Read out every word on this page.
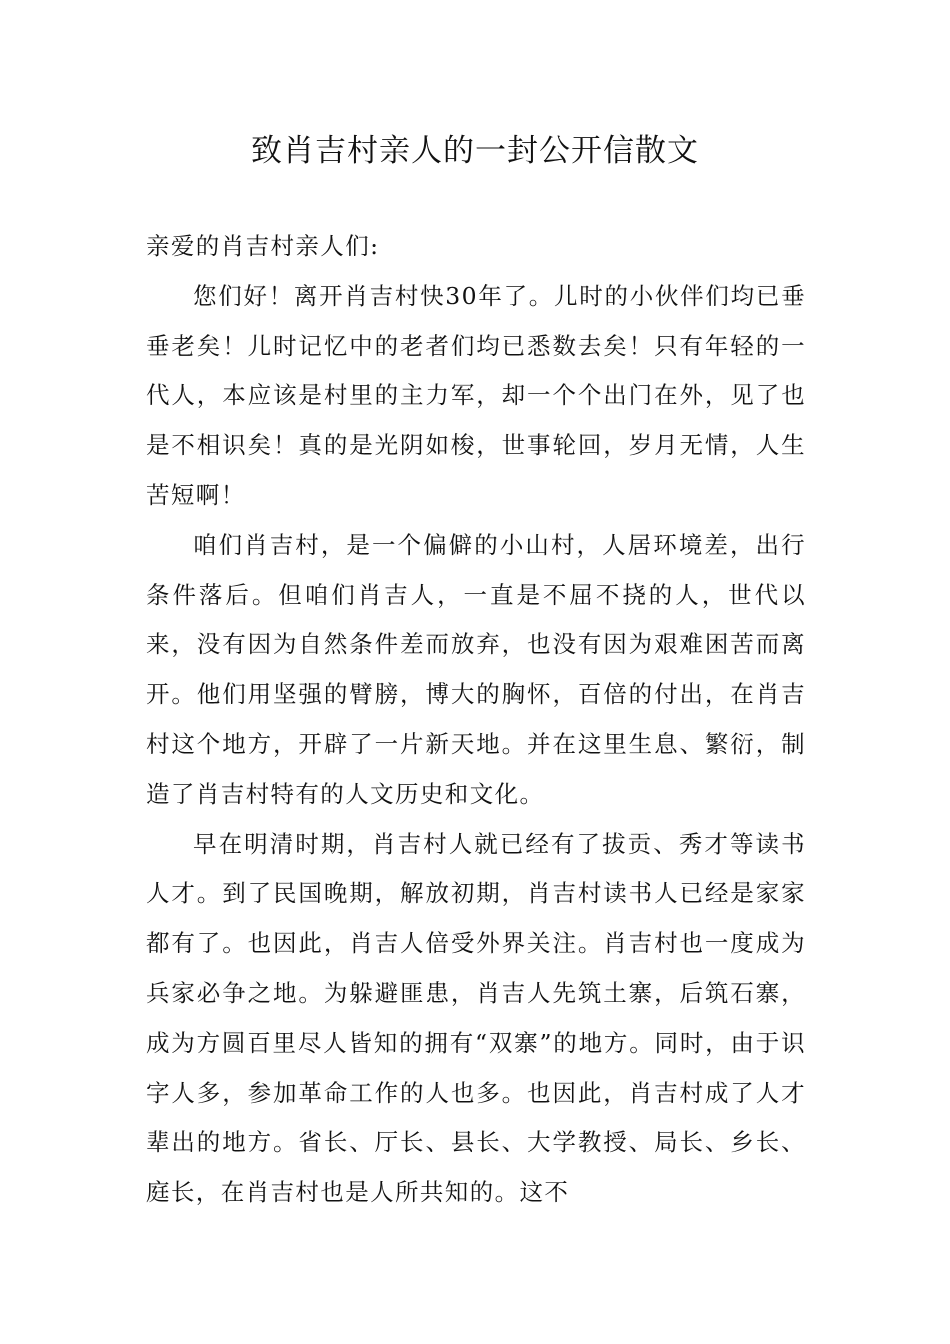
致肖吉村亲人的一封公开信散文

亲爱的肖吉村亲人们:

您们好！离开肖吉村快30年了。儿时的小伙伴们均已垂垂老矣！儿时记忆中的老者们均已悉数去矣！只有年轻的一代人，本应该是村里的主力军，却一个个出门在外，见了也是不相识矣！真的是光阴如梭，世事轮回，岁月无情，人生苦短啊！

咱们肖吉村，是一个偏僻的小山村，人居环境差，出行条件落后。但咱们肖吉人，一直是不屈不挠的人，世代以来，没有因为自然条件差而放弃，也没有因为艰难困苦而离开。他们用坚强的臂膀，博大的胸怀，百倍的付出，在肖吉村这个地方，开辟了一片新天地。并在这里生息、繁衍，制造了肖吉村特有的人文历史和文化。

早在明清时期，肖吉村人就已经有了拔贡、秀才等读书人才。到了民国晚期，解放初期，肖吉村读书人已经是家家都有了。也因此，肖吉人倍受外界关注。肖吉村也一度成为兵家必争之地。为躲避匪患，肖吉人先筑土寨，后筑石寨，成为方圆百里尽人皆知的拥有“双寨”的地方。同时，由于识字人多，参加革命工作的人也多。也因此，肖吉村成了人才辈出的地方。省长、厅长、县长、大学教授、局长、乡长、庭长，在肖吉村也是人所共知的。这不
